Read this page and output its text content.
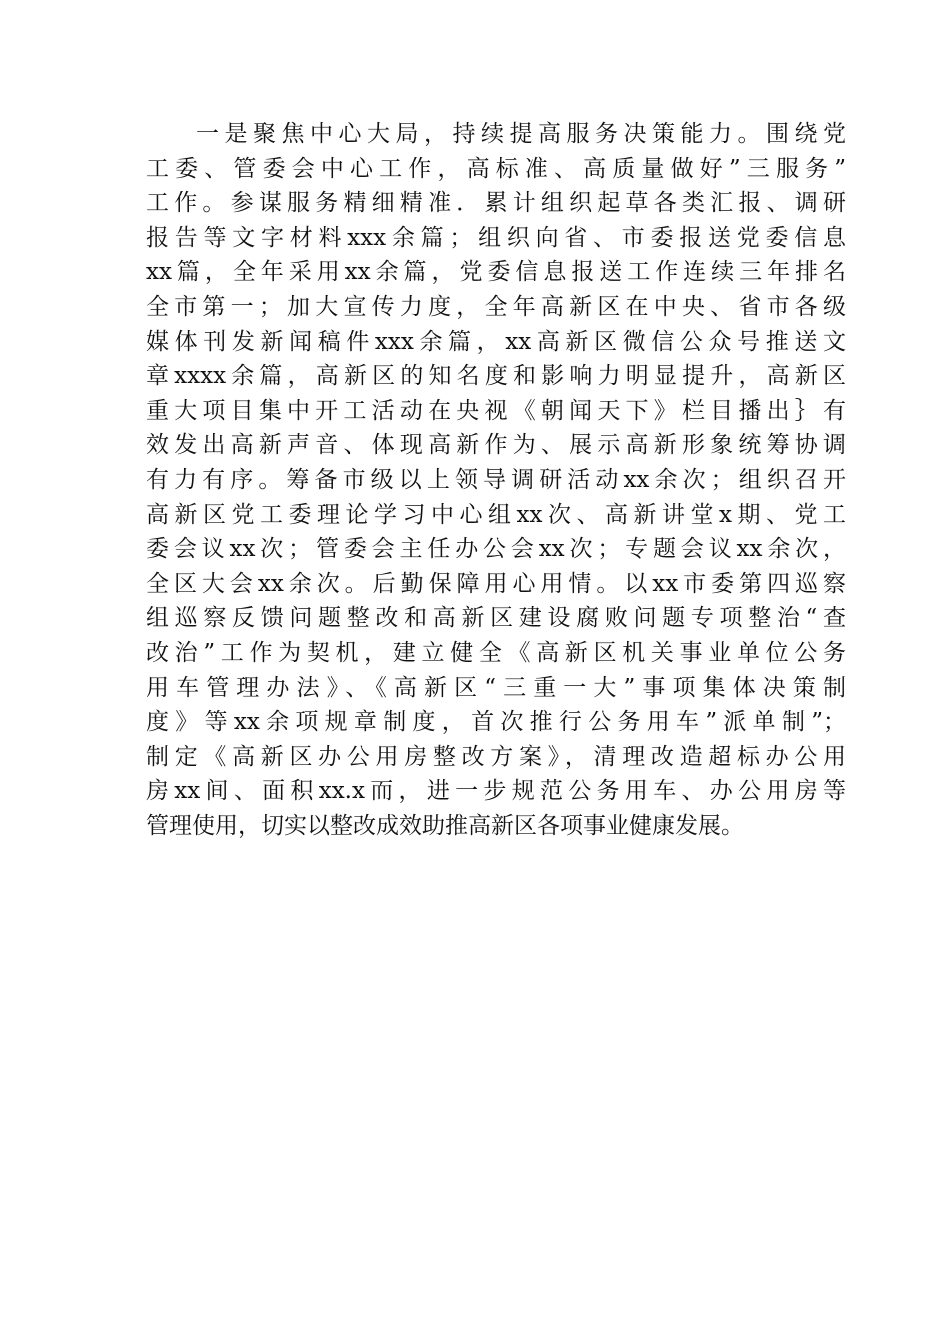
一是聚焦中心大局，持续提高服务决策能力。围绕党
工委、管委会中心工作，高标准、高质量做好”三服务”
工作。参谋服务精细精准．累计组织起草各类汇报、调研
报告等文字材料xxx余篇；组织向省、市委报送党委信息
xx篇，全年采用xx余篇，党委信息报送工作连续三年排名
全市第一；加大宣传力度，全年高新区在中央、省市各级
媒体刊发新闻稿件xxx余篇，xx高新区微信公众号推送文
章xxxx余篇，高新区的知名度和影响力明显提升，高新区
重大项目集中开工活动在央视《朝闻天下》栏目播出｝有
效发出高新声音、体现高新作为、展示高新形象统筹协调
有力有序。筹备市级以上领导调研活动xx余次；组织召开
高新区党工委理论学习中心组xx次、高新讲堂x期、党工
委会议xx次；管委会主任办公会xx次；专题会议xx余次，
全区大会xx余次。后勤保障用心用情。以xx市委第四巡察
组巡察反馈问题整改和高新区建设腐败问题专项整治“查
改治”工作为契机，建立健全《高新区机关事业单位公务
用车管理办法》、《高新区“三重一大”事项集体决策制
度》等xx余项规章制度，首次推行公务用车”派单制”；
制定《高新区办公用房整改方案》，清理改造超标办公用
房xx间、面积xx.x而，进一步规范公务用车、办公用房等
管理使用，切实以整改成效助推高新区各项事业健康发展。
